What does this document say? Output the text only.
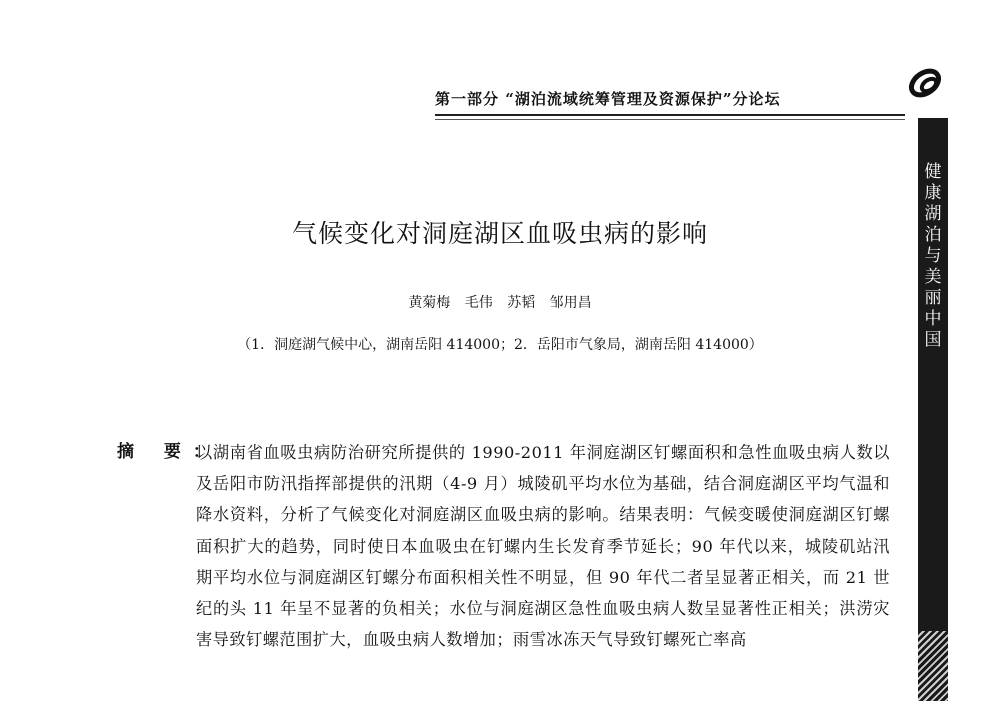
第一部分 “湖泊流域统筹管理及资源保护”分论坛
健康湖泊与美丽中国
气候变化对洞庭湖区血吸虫病的影响
黄菊梅 毛伟 苏韬 邹用昌
（1．洞庭湖气候中心，湖南岳阳 414000；2．岳阳市气象局，湖南岳阳 414000）
摘 要：
以湖南省血吸虫病防治研究所提供的 1990-2011 年洞庭湖区钉螺面积和急性血吸虫病人数以及岳阳市防汛指挥部提供的汛期（4-9 月）城陵矶平均水位为基础，结合洞庭湖区平均气温和降水资料，分析了气候变化对洞庭湖区血吸虫病的影响。结果表明：气候变暖使洞庭湖区钉螺面积扩大的趋势，同时使日本血吸虫在钉螺内生长发育季节延长；90 年代以来，城陵矶站汛期平均水位与洞庭湖区钉螺分布面积相关性不明显，但 90 年代二者呈显著正相关，而 21 世纪的头 11 年呈不显著的负相关；水位与洞庭湖区急性血吸虫病人数呈显著性正相关；洪涝灾害导致钉螺范围扩大，血吸虫病人数增加；雨雪冰冻天气导致钉螺死亡率高
